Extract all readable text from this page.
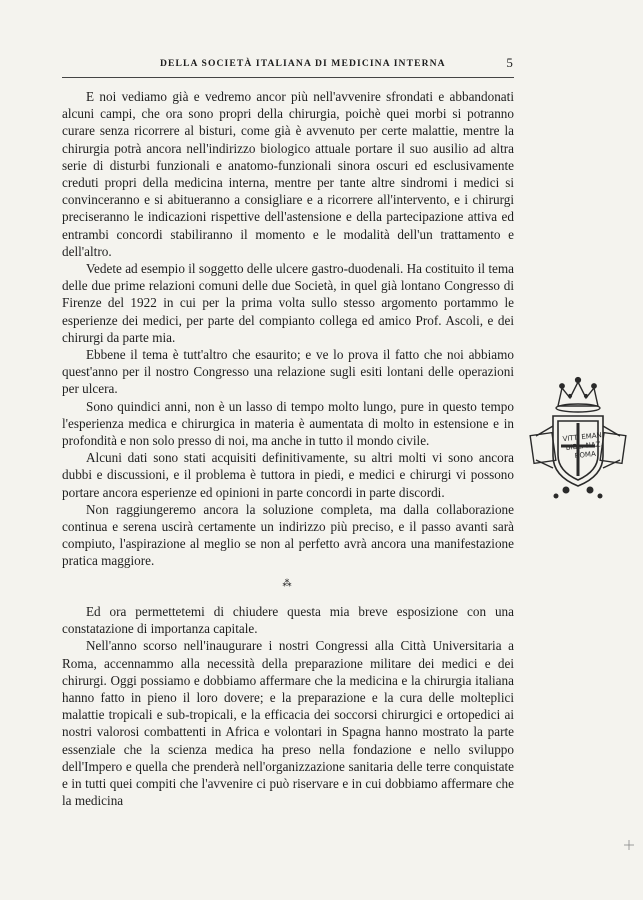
DELLA SOCIETÀ ITALIANA DI MEDICINA INTERNA	5

E noi vediamo già e vedremo ancor più nell'avvenire sfrondati e abbandonati alcuni campi, che ora sono propri della chirurgia, poichè quei morbi si potranno curare senza ricorrere al bisturi, come già è avvenuto per certe malattie, mentre la chirurgia potrà ancora nell'indirizzo biologico attuale portare il suo ausilio ad altra serie di disturbi funzionali e anatomo-funzionali sinora oscuri ed esclusivamente creduti propri della medicina interna, mentre per tante altre sindromi i medici si convinceranno e si abitueranno a consigliare e a ricorrere all'intervento, e i chirurgi preciseranno le indicazioni rispettive dell'astensione e della partecipazione attiva ed entrambi concordi stabiliranno il momento e le modalità dell'un trattamento e dell'altro.

Vedete ad esempio il soggetto delle ulcere gastro-duodenali. Ha costituito il tema delle due prime relazioni comuni delle due Società, in quel già lontano Congresso di Firenze del 1922 in cui per la prima volta sullo stesso argomento portammo le esperienze dei medici, per parte del compianto collega ed amico Prof. Ascoli, e dei chirurgi da parte mia.

Ebbene il tema è tutt'altro che esaurito; e ve lo prova il fatto che noi abbiamo quest'anno per il nostro Congresso una relazione sugli esiti lontani delle operazioni per ulcera.

Sono quindici anni, non è un lasso di tempo molto lungo, pure in questo tempo l'esperienza medica e chirurgica in materia è aumentata di molto in estensione e in profondità e non solo presso di noi, ma anche in tutto il mondo civile.

Alcuni dati sono stati acquisiti definitivamente, su altri molti vi sono ancora dubbi e discussioni, e il problema è tuttora in piedi, e medici e chirurgi vi possono portare ancora esperienze ed opinioni in parte concordi in parte discordi.

Non raggiungeremo ancora la soluzione completa, ma dalla collaborazione continua e serena uscirà certamente un indirizzo più preciso, e il passo avanti sarà compiuto, l'aspirazione al meglio se non al perfetto avrà ancora una manifestazione pratica maggiore.

⁂

Ed ora permettetemi di chiudere questa mia breve esposizione con una constatazione di importanza capitale.

Nell'anno scorso nell'inaugurare i nostri Congressi alla Città Universitaria a Roma, accennammo alla necessità della preparazione militare dei medici e dei chirurgi. Oggi possiamo e dobbiamo affermare che la medicina e la chirurgia italiana hanno fatto in pieno il loro dovere; e la preparazione e la cura delle molteplici malattie tropicali e sub-tropicali, e la efficacia dei soccorsi chirurgici e ortopedici ai nostri valorosi combattenti in Africa e volontari in Spagna hanno mostrato la parte essenziale che la scienza medica ha preso nella fondazione e nello sviluppo dell'Impero e quella che prenderà nell'organizzazione sanitaria delle terre conquistate e in tutti quei compiti che l'avvenire ci può riservare e in cui dobbiamo affermare che la medicina

VITT. EMAN.
BIBL. NAZ.
ROMA
